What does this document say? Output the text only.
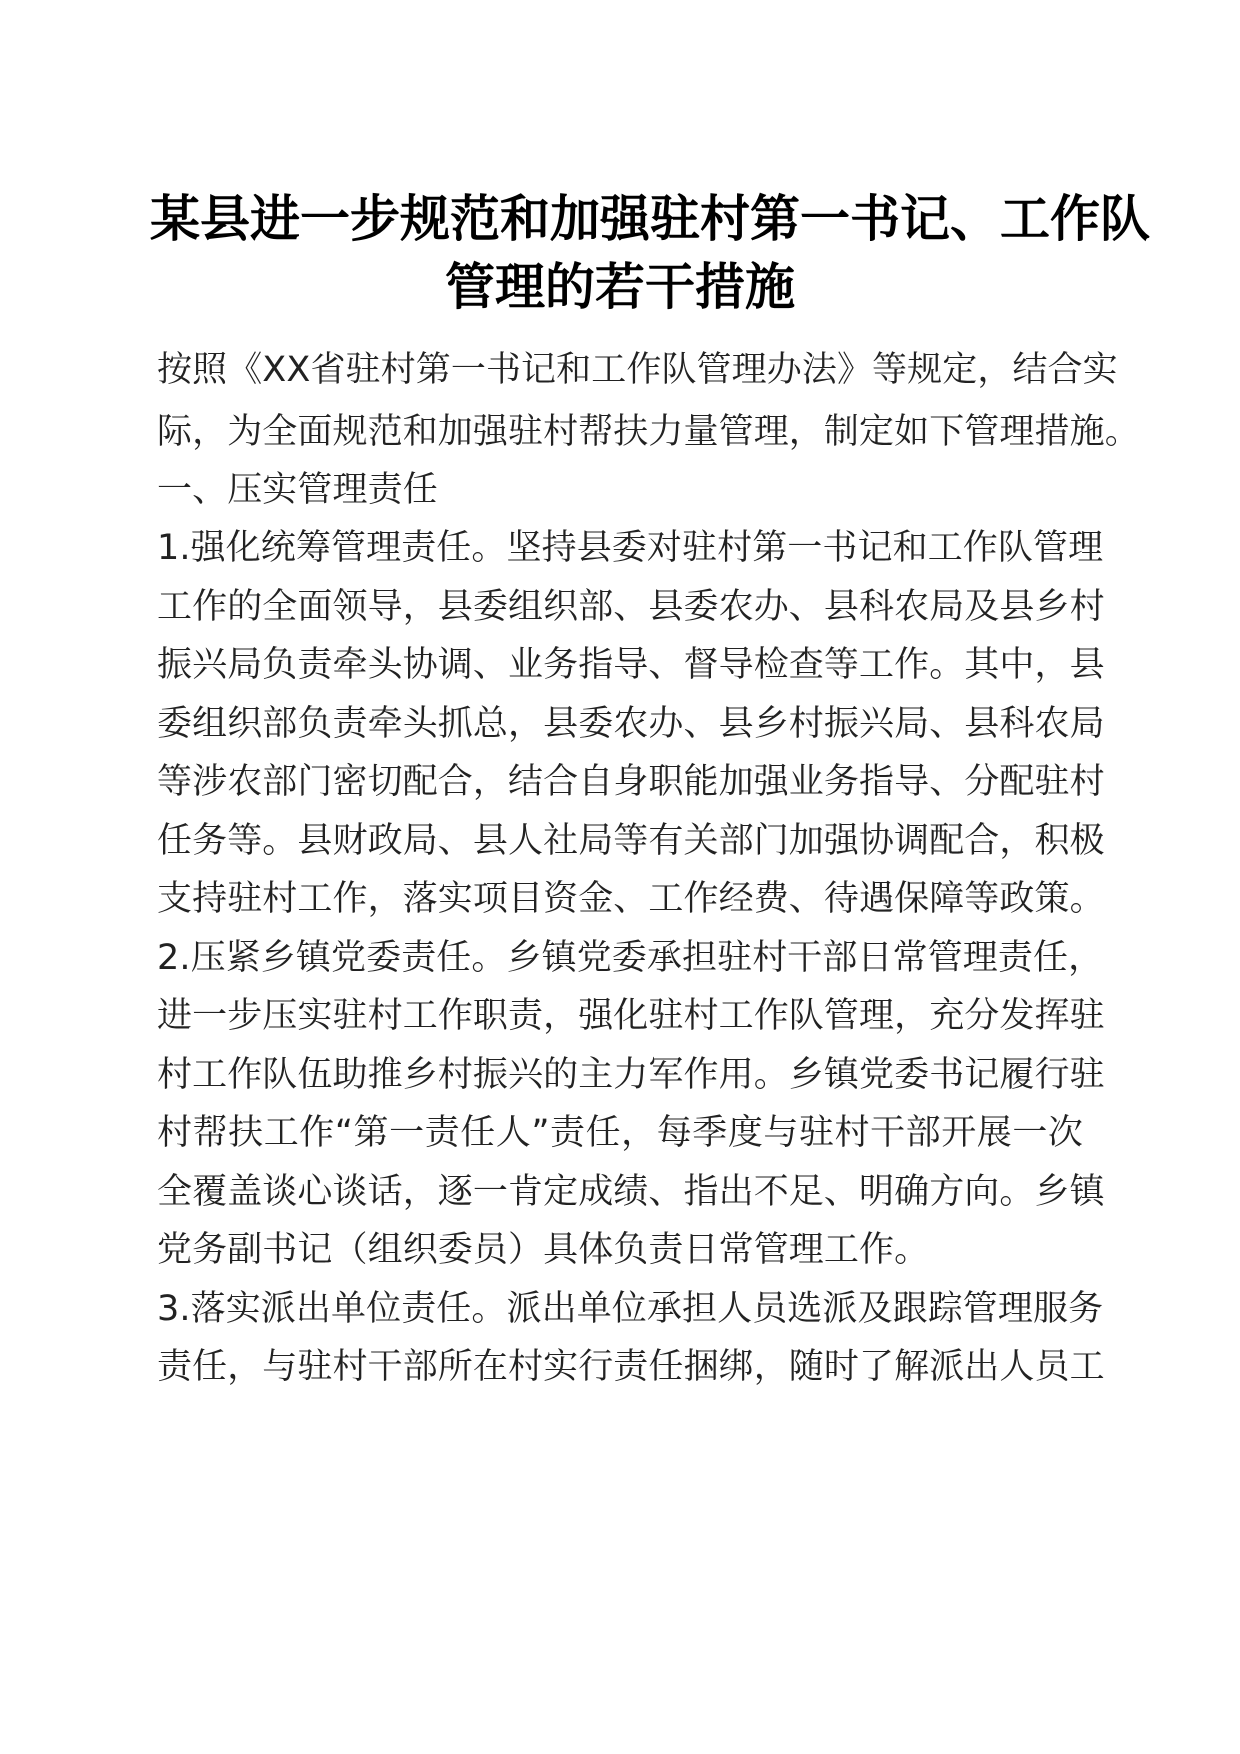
某县进一步规范和加强驻村第一书记、工作队
管理的若干措施
按照《XX省驻村第一书记和工作队管理办法》等规定，结合实
际，为全面规范和加强驻村帮扶力量管理，制定如下管理措施。
一、压实管理责任
1.强化统筹管理责任。坚持县委对驻村第一书记和工作队管理
工作的全面领导，县委组织部、县委农办、县科农局及县乡村
振兴局负责牵头协调、业务指导、督导检查等工作。其中，县
委组织部负责牵头抓总，县委农办、县乡村振兴局、县科农局
等涉农部门密切配合，结合自身职能加强业务指导、分配驻村
任务等。县财政局、县人社局等有关部门加强协调配合，积极
支持驻村工作，落实项目资金、工作经费、待遇保障等政策。
2.压紧乡镇党委责任。乡镇党委承担驻村干部日常管理责任，
进一步压实驻村工作职责，强化驻村工作队管理，充分发挥驻
村工作队伍助推乡村振兴的主力军作用。乡镇党委书记履行驻
村帮扶工作“第一责任人”责任，每季度与驻村干部开展一次
全覆盖谈心谈话，逐一肯定成绩、指出不足、明确方向。乡镇
党务副书记（组织委员）具体负责日常管理工作。
3.落实派出单位责任。派出单位承担人员选派及跟踪管理服务
责任，与驻村干部所在村实行责任捆绑，随时了解派出人员工
